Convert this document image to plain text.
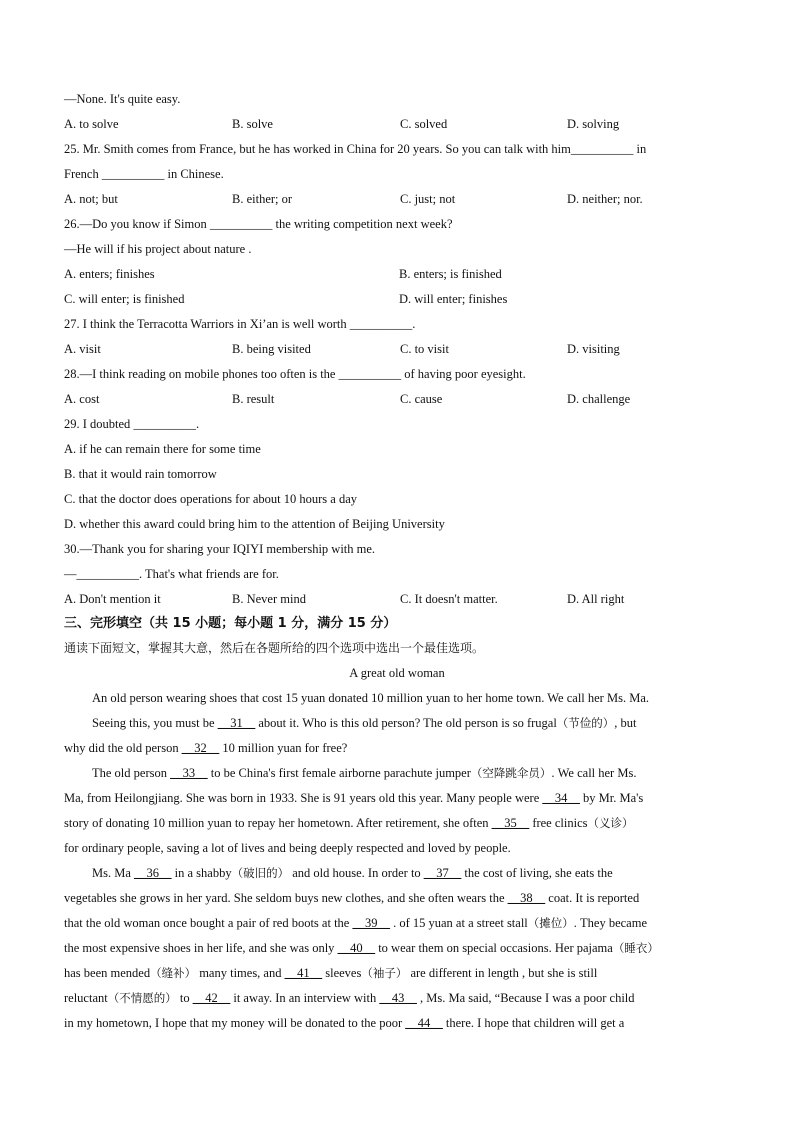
—None. It's quite easy.
A. to solve	B. solve	C. solved	D. solving
25. Mr. Smith comes from France, but he has worked in China for 20 years. So you can talk with him__________ in
French __________ in Chinese.
A. not; but	B. either; or	C. just; not	D. neither; nor.
26.—Do you know if Simon __________ the writing competition next week?
—He will if his project about nature .
A. enters; finishes	B. enters; is finished
C. will enter; is finished	D. will enter; finishes
27. I think the Terracotta Warriors in Xi’an is well worth __________.
A. visit	B. being visited	C. to visit	D. visiting
28.—I think reading on mobile phones too often is the __________ of having poor eyesight.
A. cost	B. result	C. cause	D. challenge
29. I doubted __________.
A. if he can remain there for some time
B. that it would rain tomorrow
C. that the doctor does operations for about 10 hours a day
D. whether this award could bring him to the attention of Beijing University
30.—Thank you for sharing your IQIYI membership with me.
—__________. That's what friends are for.
A. Don't mention it	B. Never mind	C. It doesn't matter.	D. All right
三、完形填空（共 15 小题；每小题 1 分，满分 15 分）
通读下面短文，掌握其大意，然后在各题所给的四个选项中选出一个最佳选项。
A great old woman
An old person wearing shoes that cost 15 yuan donated 10 million yuan to her home town. We call her Ms. Ma.
Seeing this, you must be __31__ about it. Who is this old person? The old person is so frugal（节俭的）, but
why did the old person __32__ 10 million yuan for free?
The old person __33__ to be China's first female airborne parachute jumper（空降跳伞员）. We call her Ms.
Ma, from Heilongjiang. She was born in 1933. She is 91 years old this year. Many people were __34__ by Mr. Ma's
story of donating 10 million yuan to repay her hometown. After retirement, she often __35__ free clinics（义诊）
for ordinary people, saving a lot of lives and being deeply respected and loved by people.
Ms. Ma __36__ in a shabby（破旧的） and old house. In order to __37__ the cost of living, she eats the
vegetables she grows in her yard. She seldom buys new clothes, and she often wears the __38__ coat. It is reported
that the old woman once bought a pair of red boots at the __39__ . of 15 yuan at a street stall（摊位）. They became
the most expensive shoes in her life, and she was only __40__ to wear them on special occasions. Her pajama（睡衣）
has been mended（缝补） many times, and __41__ sleeves（袖子） are different in length , but she is still
reluctant（不情愿的） to __42__ it away. In an interview with __43__ , Ms. Ma said, “Because I was a poor child
in my hometown, I hope that my money will be donated to the poor __44__ there. I hope that children will get a
